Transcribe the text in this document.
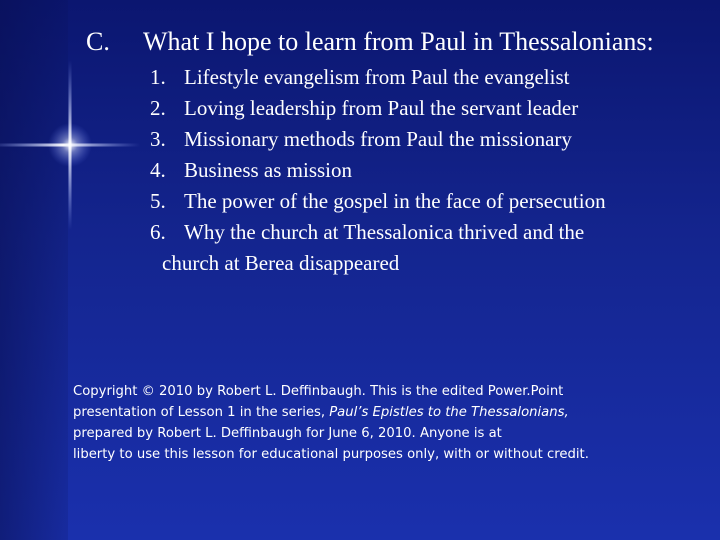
C. What I hope to learn from Paul in Thessalonians:
1. Lifestyle evangelism from Paul the evangelist
2. Loving leadership from Paul the servant leader
3. Missionary methods from Paul the missionary
4. Business as mission
5. The power of the gospel in the face of persecution
6. Why the church at Thessalonica thrived and the
church at Berea disappeared
Copyright © 2010 by Robert L. Deffinbaugh. This is the edited Power.Point
presentation of Lesson 1 in the series, Paul’s Epistles to the Thessalonians,
prepared by Robert L. Deffinbaugh for June 6, 2010. Anyone is at
liberty to use this lesson for educational purposes only, with or without credit.
